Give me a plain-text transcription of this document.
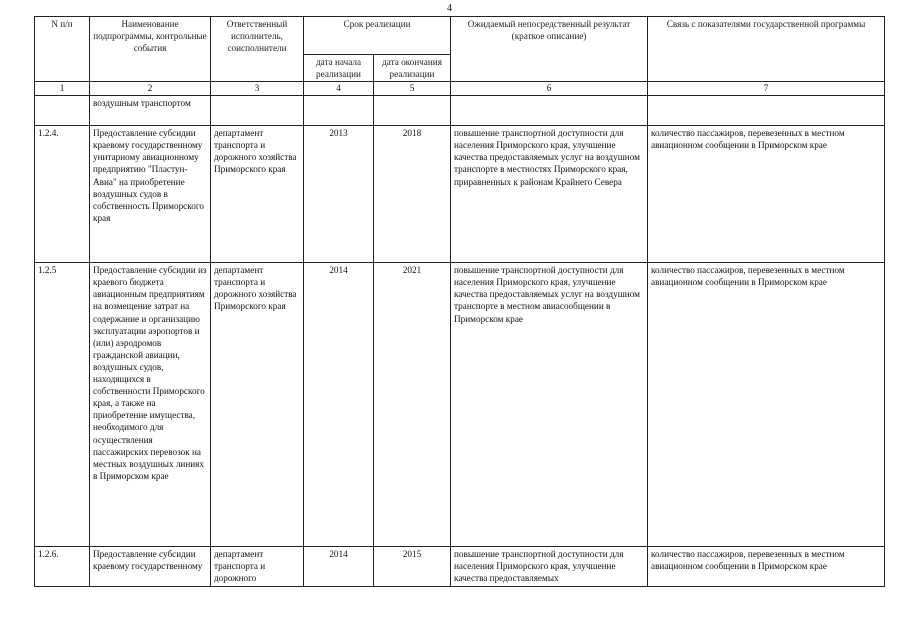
4
N п/п	Наименование подпрограммы, контрольные события	Ответственный исполнитель, соисполнители	Срок реализации		Ожидаемый непосредственный результат (краткое описание)	Связь с показателями государственной программы
			дата начала реализации	дата окончания реализации		
1	2	3	4	5	6	7
	воздушным транспортом					
1.2.4.	Предоставление субсидии краевому государственному унитарному авиационному предприятию "Пластун-Авиа" на приобретение воздушных судов в собственность Приморского края	департамент транспорта и дорожного хозяйства Приморского края	2013	2018	повышение транспортной доступности для населения Приморского края, улучшение качества предоставляемых услуг на воздушном транспорте в местностях Приморского края, приравненных к районам Крайнего Севера	количество пассажиров, перевезенных в местном авиационном сообщении в Приморском крае
1.2.5	Предоставление субсидии из краевого бюджета авиационным предприятиям на возмещение затрат на содержание и организацию эксплуатации аэропортов и (или) аэродромов гражданской авиации, воздушных судов, находящихся в собственности Приморского края, а также на приобретение имущества, необходимого для осуществления пассажирских перевозок на местных воздушных линиях в Приморском крае	департамент транспорта и дорожного хозяйства Приморского края	2014	2021	повышение транспортной доступности для населения Приморского края, улучшение качества предоставляемых услуг на воздушном транспорте в местном авиасообщении в Приморском крае	количество пассажиров, перевезенных в местном авиационном сообщении в Приморском крае
1.2.6.	Предоставление субсидии краевому государственному	департамент транспорта и дорожного	2014	2015	повышение транспортной доступности для населения Приморского края, улучшение качества предоставляемых	количество пассажиров, перевезенных в местном авиационном сообщении в Приморском крае
